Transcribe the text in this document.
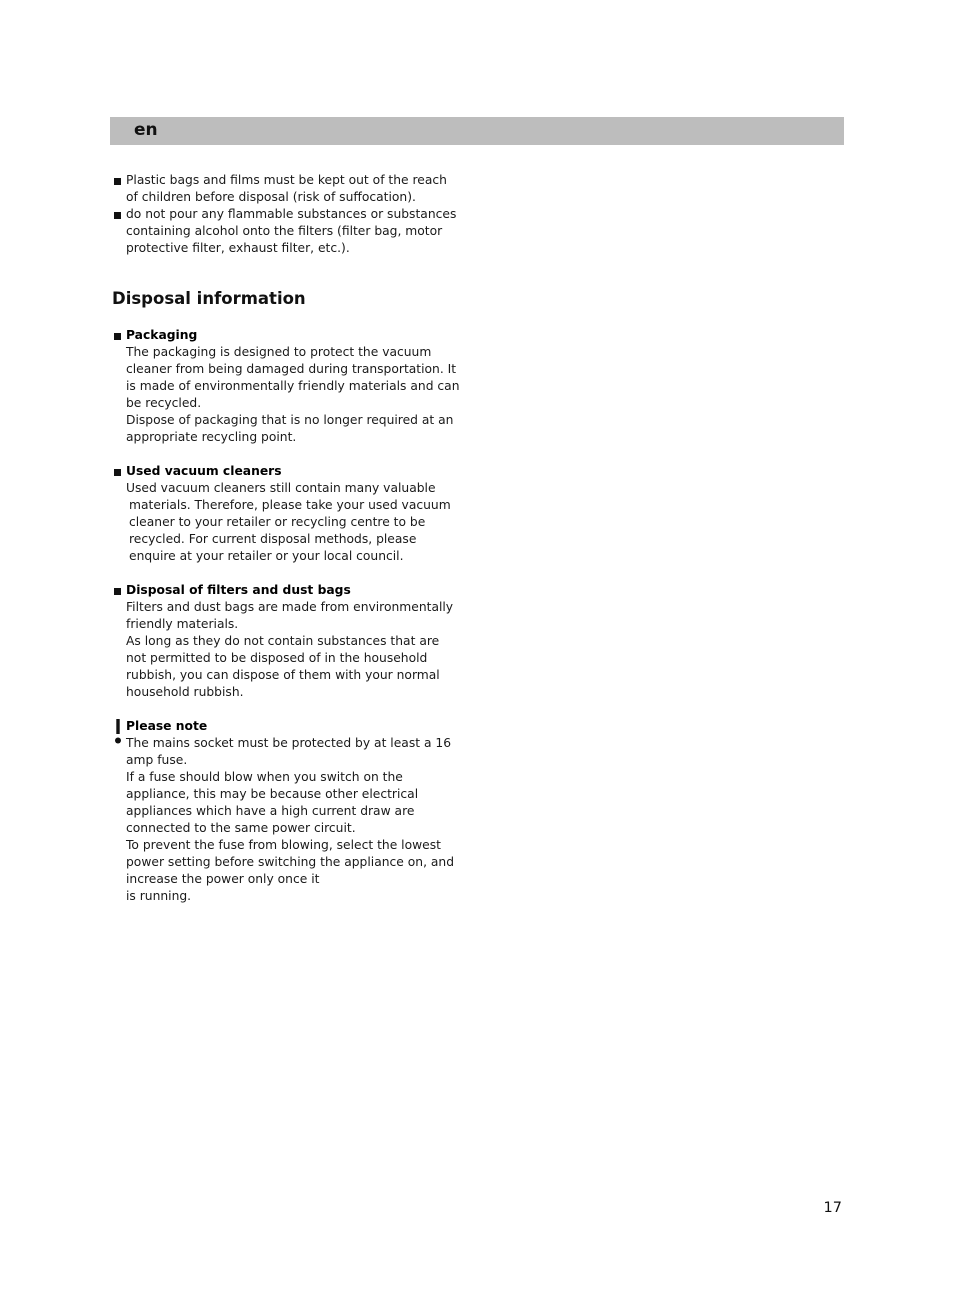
en
Plastic bags and films must be kept out of the reach
of children before disposal (risk of suffocation).
do not pour any flammable substances or substances
containing alcohol onto the filters (filter bag, motor
protective filter, exhaust filter, etc.).
Disposal information
Packaging
The packaging is designed to protect the vacuum
cleaner from being damaged during transportation. It
is made of environmentally friendly materials and can
be recycled.
Dispose of packaging that is no longer required at an
appropriate recycling point.
Used vacuum cleaners
Used vacuum cleaners still contain many valuable
materials. Therefore, please take your used vacuum
cleaner to your retailer or recycling centre to be
recycled. For current disposal methods, please
enquire at your retailer or your local council.
Disposal of filters and dust bags
Filters and dust bags are made from environmentally
friendly materials.
As long as they do not contain substances that are
not permitted to be disposed of in the household
rubbish, you can dispose of them with your normal
household rubbish.
Please note
The mains socket must be protected by at least a 16
amp fuse.
If a fuse should blow when you switch on the
appliance, this may be because other electrical
appliances which have a high current draw are
connected to the same power circuit.
To prevent the fuse from blowing, select the lowest
power setting before switching the appliance on, and
increase the power only once it
is running.
17
